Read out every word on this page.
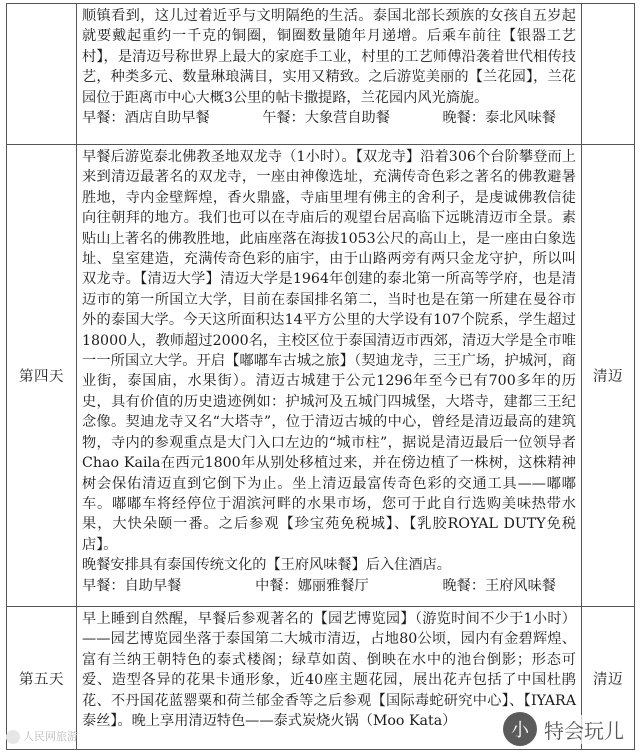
	顺镇看到，这儿过着近乎与文明隔绝的生活。泰国北部长颈族的女孩自五岁起就要戴起重约一千克的铜圈，铜圈数量随年月递增。后乘车前往【银器工艺村】，是清迈号称世界上最大的家庭手工业，村里的工艺师傅沿袭着世代相传技艺，种类多元、数量琳琅满目，实用又精致。之后游览美丽的【兰花园】，兰花园位于距离市中心大概3公里的帖卡撒提路，兰花园内风光旖旎。
早餐：酒店自助早餐 午餐：大象营自助餐 晚餐：泰北风味餐	

第四天	早餐后游览泰北佛教圣地双龙寺（1小时）。【双龙寺】沿着306个台阶攀登而上来到清迈最著名的双龙寺，一座由神像选址，充满传奇色彩之著名的佛教避暑胜地，寺内金壁辉煌，香火鼎盛，寺庙里埋有佛主的舍利子，是虔诚佛教信徒向往朝拜的地方。我们也可以在寺庙后的观望台居高临下远眺清迈市全景。素贴山上著名的佛教胜地，此庙座落在海拔1053公尺的高山上，是一座由白象选址、皇室建造，充满传奇色彩的庙宇，由于山路两旁有两只金龙守护，所以叫双龙寺。【清迈大学】清迈大学是1964年创建的泰北第一所高等学府，也是清迈市的第一所国立大学，目前在泰国排名第二，当时也是在第一所建在曼谷市外的泰国大学。今天这所面积达14平方公里的大学设有107个院系，学生超过18000人，教师超过2000名，主校区位于泰国清迈市西郊，清迈大学是全市唯一一所国立大学。开启【嘟嘟车古城之旅】（契迪龙寺，三王广场，护城河，商业街，泰国庙，水果街）。清迈古城建于公元1296年至今已有700多年的历史，具有价值的历史遗迹例如：护城河及五城门四城堡，大塔寺，建都三王纪念像。契迪龙寺又名“大塔寺”，位于清迈古城的中心，曾经是清迈最高的建筑物，寺内的参观重点是大门入口左边的“城市柱”，据说是清迈最后一位领导者Chao Kaila在西元1800年从别处移植过来，并在傍边植了一株树，这株精神树会保佑清迈直到它倒下为止。坐上清迈最富传奇色彩的交通工具——嘟嘟车。嘟嘟车将经停位于湄滨河畔的水果市场，您可于此自行选购美味热带水果，大快朵颐一番。之后参观【珍宝苑免税城】、【乳胶ROYAL DUTY免税店】。
晚餐安排具有泰国传统文化的【王府风味餐】后入住酒店。
早餐：自助早餐 中餐：娜丽雅餐厅 晚餐：王府风味餐	清迈
第五天	早上睡到自然醒，早餐后参观著名的【园艺博览园】（游览时间不少于1小时）——园艺博览园坐落于泰国第二大城市清迈，占地80公顷，园内有金碧辉煌、富有兰纳王朝特色的泰式楼阁；绿草如茵、倒映在水中的池台倒影；形态可爱、造型各异的花果卡通形象，近40座主题花园，展出花卉包括了中国杜鹃花、不丹国花蓝罂粟和荷兰郁金香等之后参观【国际毒蛇研究中心】、【IYARA泰丝】。晚上享用清迈特色——泰式炭烧火锅（Moo Kata）	清迈
人民网旅游	小 特会玩儿
